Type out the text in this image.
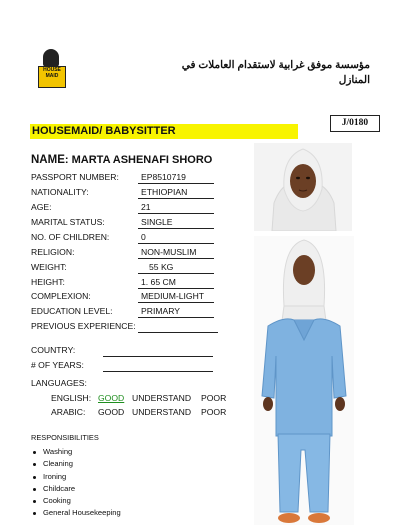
HOUSE
MAID
مؤسسة موفق غرابية لاستقدام العاملات في المنازل
J/0180
HOUSEMAID/ BABYSITTER
NAME: MARTA ASHENAFI SHORO
PASSPORT NUMBER:	EP8510719
NATIONALITY:	ETHIOPIAN
AGE:	21
MARITAL STATUS:	SINGLE
NO. OF CHILDREN:	0
RELIGION:	NON-MUSLIM
WEIGHT:	55 KG
HEIGHT:	1. 65 CM
COMPLEXION:	MEDIUM-LIGHT
EDUCATION LEVEL:	PRIMARY
PREVIOUS EXPERIENCE:
COUNTRY:
# OF YEARS:
LANGUAGES:
ENGLISH: GOOD UNDERSTAND POOR
ARABIC: GOOD UNDERSTAND POOR
RESPONSIBILITIES
Washing
Cleaning
Ironing
Childcare
Cooking
General Housekeeping
